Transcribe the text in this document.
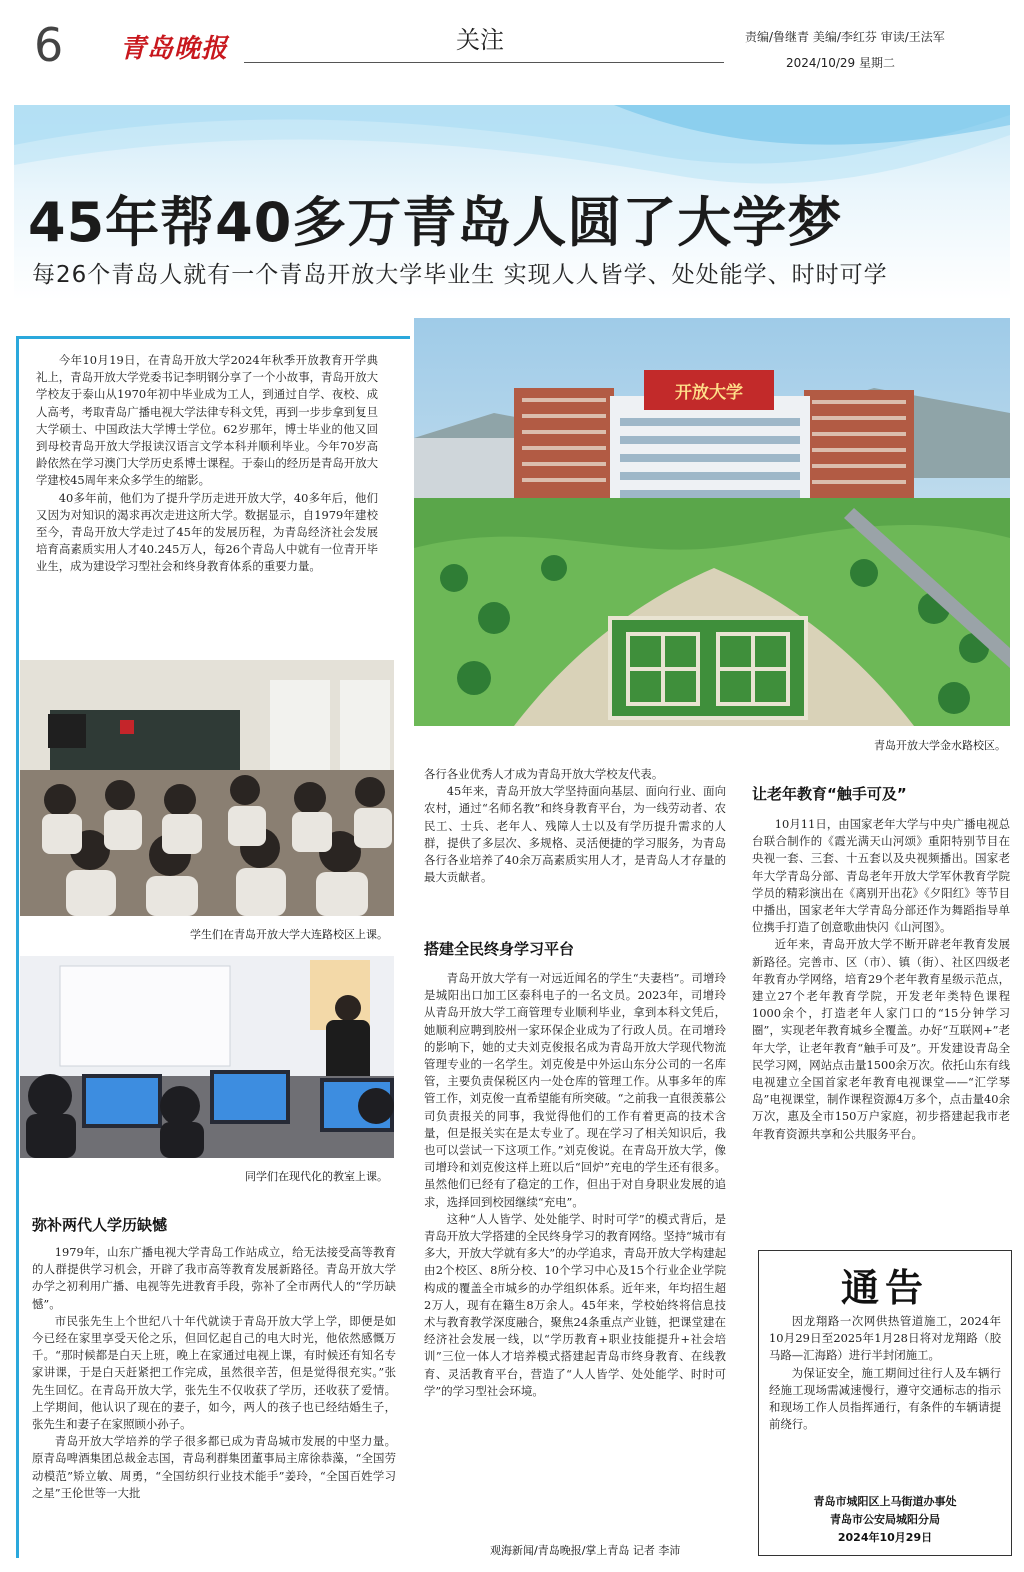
6 青岛晚报	关注	责编/鲁继青 美编/李红芬 审读/王法军
2024/10/29 星期二
45年帮40多万青岛人圆了大学梦
每26个青岛人就有一个青岛开放大学毕业生 实现人人皆学、处处能学、时时可学

今年10月19日，在青岛开放大学2024年秋季开放教育开学典礼上，青岛开放大学党委书记李明钢分享了一个小故事，青岛开放大学校友于泰山从1970年初中毕业成为工人，到通过自学、夜校、成人高考，考取青岛广播电视大学法律专科文凭，再到一步步拿到复旦大学硕士、中国政法大学博士学位。62岁那年，博士毕业的他又回到母校青岛开放大学报读汉语言文学本科并顺利毕业。今年70岁高龄依然在学习澳门大学历史系博士课程。于泰山的经历是青岛开放大学建校45周年来众多学生的缩影。

40多年前，他们为了提升学历走进开放大学，40多年后，他们又因为对知识的渴求再次走进这所大学。数据显示，自1979年建校至今，青岛开放大学走过了45年的发展历程，为青岛经济社会发展培育高素质实用人才40.245万人，每26个青岛人中就有一位青开毕业生，成为建设学习型社会和终身教育体系的重要力量。

学生们在青岛开放大学大连路校区上课。
同学们在现代化的教室上课。
弥补两代人学历缺憾

1979年，山东广播电视大学青岛工作站成立，给无法接受高等教育的人群提供学习机会，开辟了我市高等教育发展新路径。青岛开放大学办学之初利用广播、电视等先进教育手段，弥补了全市两代人的“学历缺憾”。

市民张先生上个世纪八十年代就读于青岛开放大学上学，即便是如今已经在家里享受天伦之乐，但回忆起自己的电大时光，他依然感慨万千。“那时候都是白天上班，晚上在家通过电视上课，有时候还有知名专家讲课，于是白天赶紧把工作完成，虽然很辛苦，但是觉得很充实。”张先生回忆。在青岛开放大学，张先生不仅收获了学历，还收获了爱情。上学期间，他认识了现在的妻子，如今，两人的孩子也已经结婚生子，张先生和妻子在家照顾小孙子。

青岛开放大学培养的学子很多都已成为青岛城市发展的中坚力量。原青岛啤酒集团总裁金志国，青岛利群集团董事局主席徐恭藻，“全国劳动模范”矫立敏、周勇，“全国纺织行业技术能手”姜玲，“全国百姓学习之星”王伦世等一大批

开放大学
青岛开放大学金水路校区。

各行各业优秀人才成为青岛开放大学校友代表。

45年来，青岛开放大学坚持面向基层、面向行业、面向农村，通过“名师名教”和终身教育平台，为一线劳动者、农民工、士兵、老年人、残障人士以及有学历提升需求的人群，提供了多层次、多规格、灵活便捷的学习服务，为青岛各行各业培养了40余万高素质实用人才，是青岛人才存量的最大贡献者。

搭建全民终身学习平台

青岛开放大学有一对远近闻名的学生“夫妻档”。司增玲是城阳出口加工区泰科电子的一名文员。2023年，司增玲从青岛开放大学工商管理专业顺利毕业，拿到本科文凭后，她顺利应聘到胶州一家环保企业成为了行政人员。在司增玲的影响下，她的丈夫刘克俊报名成为青岛开放大学现代物流管理专业的一名学生。刘克俊是中外运山东分公司的一名库管，主要负责保税区内一处仓库的管理工作。从事多年的库管工作，刘克俊一直希望能有所突破。“之前我一直很羡慕公司负责报关的同事，我觉得他们的工作有着更高的技术含量，但是报关实在是太专业了。现在学习了相关知识后，我也可以尝试一下这项工作。”刘克俊说。在青岛开放大学，像司增玲和刘克俊这样上班以后“回炉”充电的学生还有很多。虽然他们已经有了稳定的工作，但出于对自身职业发展的追求，选择回到校园继续“充电”。

这种“人人皆学、处处能学、时时可学”的模式背后，是青岛开放大学搭建的全民终身学习的教育网络。坚持“城市有多大，开放大学就有多大”的办学追求，青岛开放大学构建起由2个校区、8所分校、10个学习中心及15个行业企业学院构成的覆盖全市城乡的办学组织体系。近年来，年均招生超2万人，现有在籍生8万余人。45年来，学校始终将信息技术与教育教学深度融合，聚焦24条重点产业链，把课堂建在经济社会发展一线，以“学历教育+职业技能提升+社会培训”三位一体人才培养模式搭建起青岛市终身教育、在线教育、灵活教育平台，营造了“人人皆学、处处能学、时时可学”的学习型社会环境。

让老年教育“触手可及”

10月11日，由国家老年大学与中央广播电视总台联合制作的《霞光满天山河颂》重阳特别节目在央视一套、三套、十五套以及央视频播出。国家老年大学青岛分部、青岛老年开放大学军休教育学院学员的精彩演出在《离别开出花》《夕阳红》等节目中播出，国家老年大学青岛分部还作为舞蹈指导单位携手打造了创意歌曲快闪《山河图》。

近年来，青岛开放大学不断开辟老年教育发展新路径。完善市、区（市）、镇（街）、社区四级老年教育办学网络，培育29个老年教育星级示范点，建立27个老年教育学院，开发老年类特色课程1000余个，打造老年人家门口的“15分钟学习圈”，实现老年教育城乡全覆盖。办好“互联网+”老年大学，让老年教育“触手可及”。开发建设青岛全民学习网，网站点击量1500余万次。依托山东有线电视建立全国首家老年教育电视课堂——“汇学琴岛”电视课堂，制作课程资源4万多个，点击量40余万次，惠及全市150万户家庭，初步搭建起我市老年教育资源共享和公共服务平台。

通告

因龙翔路一次网供热管道施工，2024年10月29日至2025年1月28日将对龙翔路（胶马路—汇海路）进行半封闭施工。

为保证安全，施工期间过往行人及车辆行经施工现场需减速慢行，遵守交通标志的指示和现场工作人员指挥通行，有条件的车辆请提前绕行。

青岛市城阳区上马街道办事处
青岛市公安局城阳分局
2024年10月29日
观海新闻/青岛晚报/掌上青岛 记者 李沛
